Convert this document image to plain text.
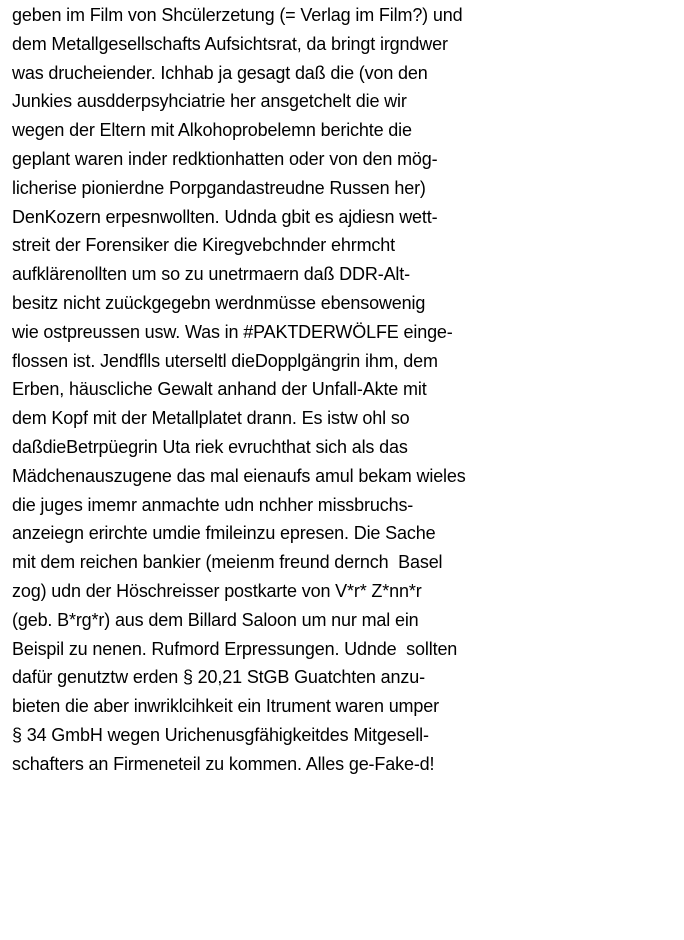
geben im Film von Shcülerzetung (= Verlag im Film?) und
dem Metallgesellschafts Aufsichtsrat, da bringt irgndwer
was drucheiender. Ichhab ja gesagt daß die (von den
Junkies ausdderpsyhciatrie her ansgetchelt die wir
wegen der Eltern mit Alkohoprobelemn berichte die
geplant waren inder redktionhatten oder von den mög-
licherise pionierdne Porpgandastreudne Russen her)
DenKozern erpesnwollten. Udnda gbit es ajdiesn wett-
streit der Forensiker die Kiregvebchnder ehrmcht
aufklärenollten um so zu unetrmaern daß DDR-Alt-
besitz nicht zuückgegebn werdnmüsse ebensowenig
wie ostpreussen usw. Was in #PAKTDERWÖLFE einge-
flossen ist. Jendflls uterseltl dieDopplgängrin ihm, dem
Erben, häuscliche Gewalt anhand der Unfall-Akte mit
dem Kopf mit der Metallplatet drann. Es istw ohl so
daßdieBetrpüegrin Uta riek evruchthat sich als das
Mädchenauszugene das mal eienaufs amul bekam wieles
die juges imemr anmachte udn nchher missbruchs-
anzeiegn erirchte umdie fmileinzu epresen. Die Sache
mit dem reichen bankier (meienm freund dernch  Basel
zog) udn der Höschreisser postkarte von V*r* Z*nn*r
(geb. B*rg*r) aus dem Billard Saloon um nur mal ein
Beispil zu nenen. Rufmord Erpressungen. Udnde  sollten
dafür genutztw erden § 20,21 StGB Guatchten anzu-
bieten die aber inwriklcihkeit ein Itrument waren umper
§ 34 GmbH wegen Urichenusgfähigkeitdes Mitgesell-
schafters an Firmeneteil zu kommen. Alles ge-Fake-d!
